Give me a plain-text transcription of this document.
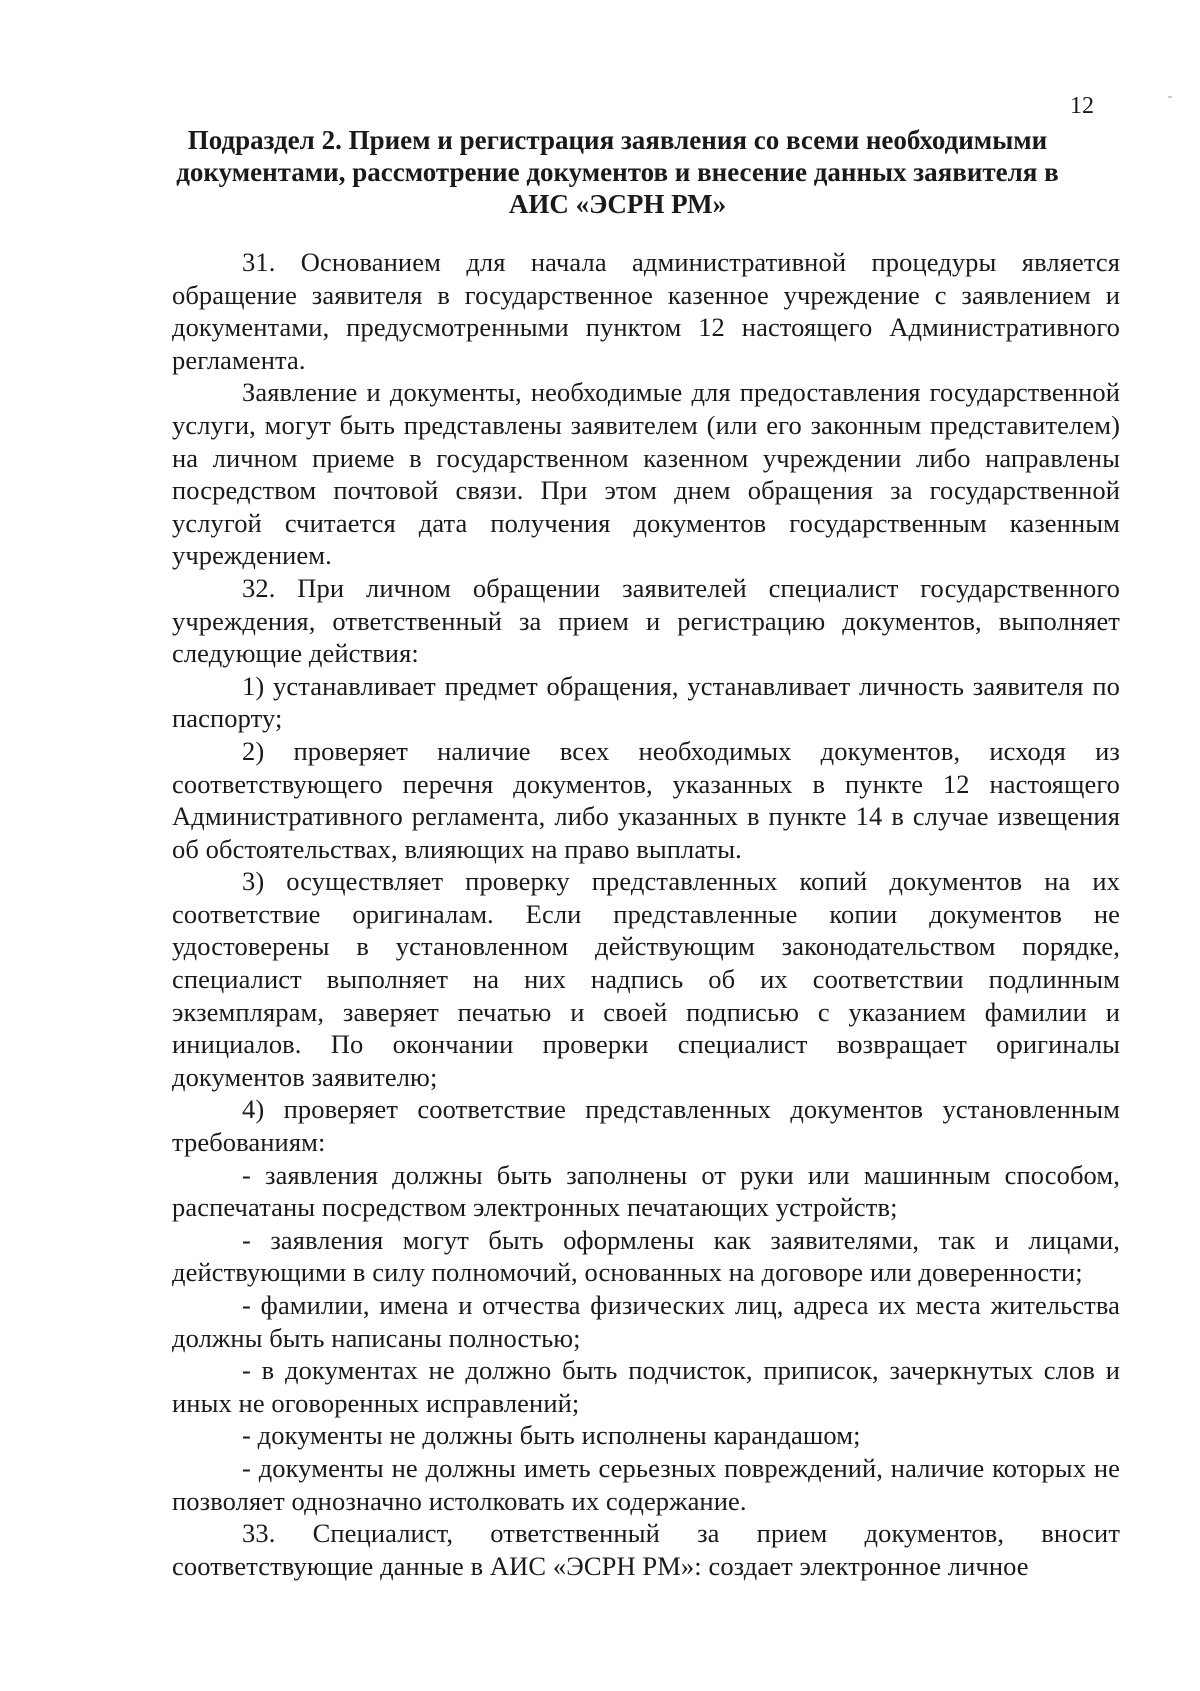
12
Подраздел 2. Прием и регистрация заявления со всеми необходимыми
документами, рассмотрение документов и внесение данных заявителя в
АИС «ЭСРН РМ»

31. Основанием для начала административной процедуры является обращение заявителя в государственное казенное учреждение с заявлением и документами, предусмотренными пунктом 12 настоящего Административного регламента.

Заявление и документы, необходимые для предоставления государственной услуги, могут быть представлены заявителем (или его законным представителем) на личном приеме в государственном казенном учреждении либо направлены посредством почтовой связи. При этом днем обращения за государственной услугой считается дата получения документов государственным казенным учреждением.

32. При личном обращении заявителей специалист государственного учреждения, ответственный за прием и регистрацию документов, выполняет следующие действия:

1) устанавливает предмет обращения, устанавливает личность заявителя по паспорту;

2) проверяет наличие всех необходимых документов, исходя из соответствующего перечня документов, указанных в пункте 12 настоящего Административного регламента, либо указанных в пункте 14 в случае извещения об обстоятельствах, влияющих на право выплаты.

3) осуществляет проверку представленных копий документов на их соответствие оригиналам. Если представленные копии документов не удостоверены в установленном действующим законодательством порядке, специалист выполняет на них надпись об их соответствии подлинным экземплярам, заверяет печатью и своей подписью с указанием фамилии и инициалов. По окончании проверки специалист возвращает оригиналы документов заявителю;

4) проверяет соответствие представленных документов установленным требованиям:

- заявления должны быть заполнены от руки или машинным способом, распечатаны посредством электронных печатающих устройств;

- заявления могут быть оформлены как заявителями, так и лицами, действующими в силу полномочий, основанных на договоре или доверенности;

- фамилии, имена и отчества физических лиц, адреса их места жительства должны быть написаны полностью;

- в документах не должно быть подчисток, приписок, зачеркнутых слов и иных не оговоренных исправлений;

- документы не должны быть исполнены карандашом;

- документы не должны иметь серьезных повреждений, наличие которых не позволяет однозначно истолковать их содержание.

33. Специалист, ответственный за прием документов, вносит соответствующие данные в АИС «ЭСРН РМ»: создает электронное личное
